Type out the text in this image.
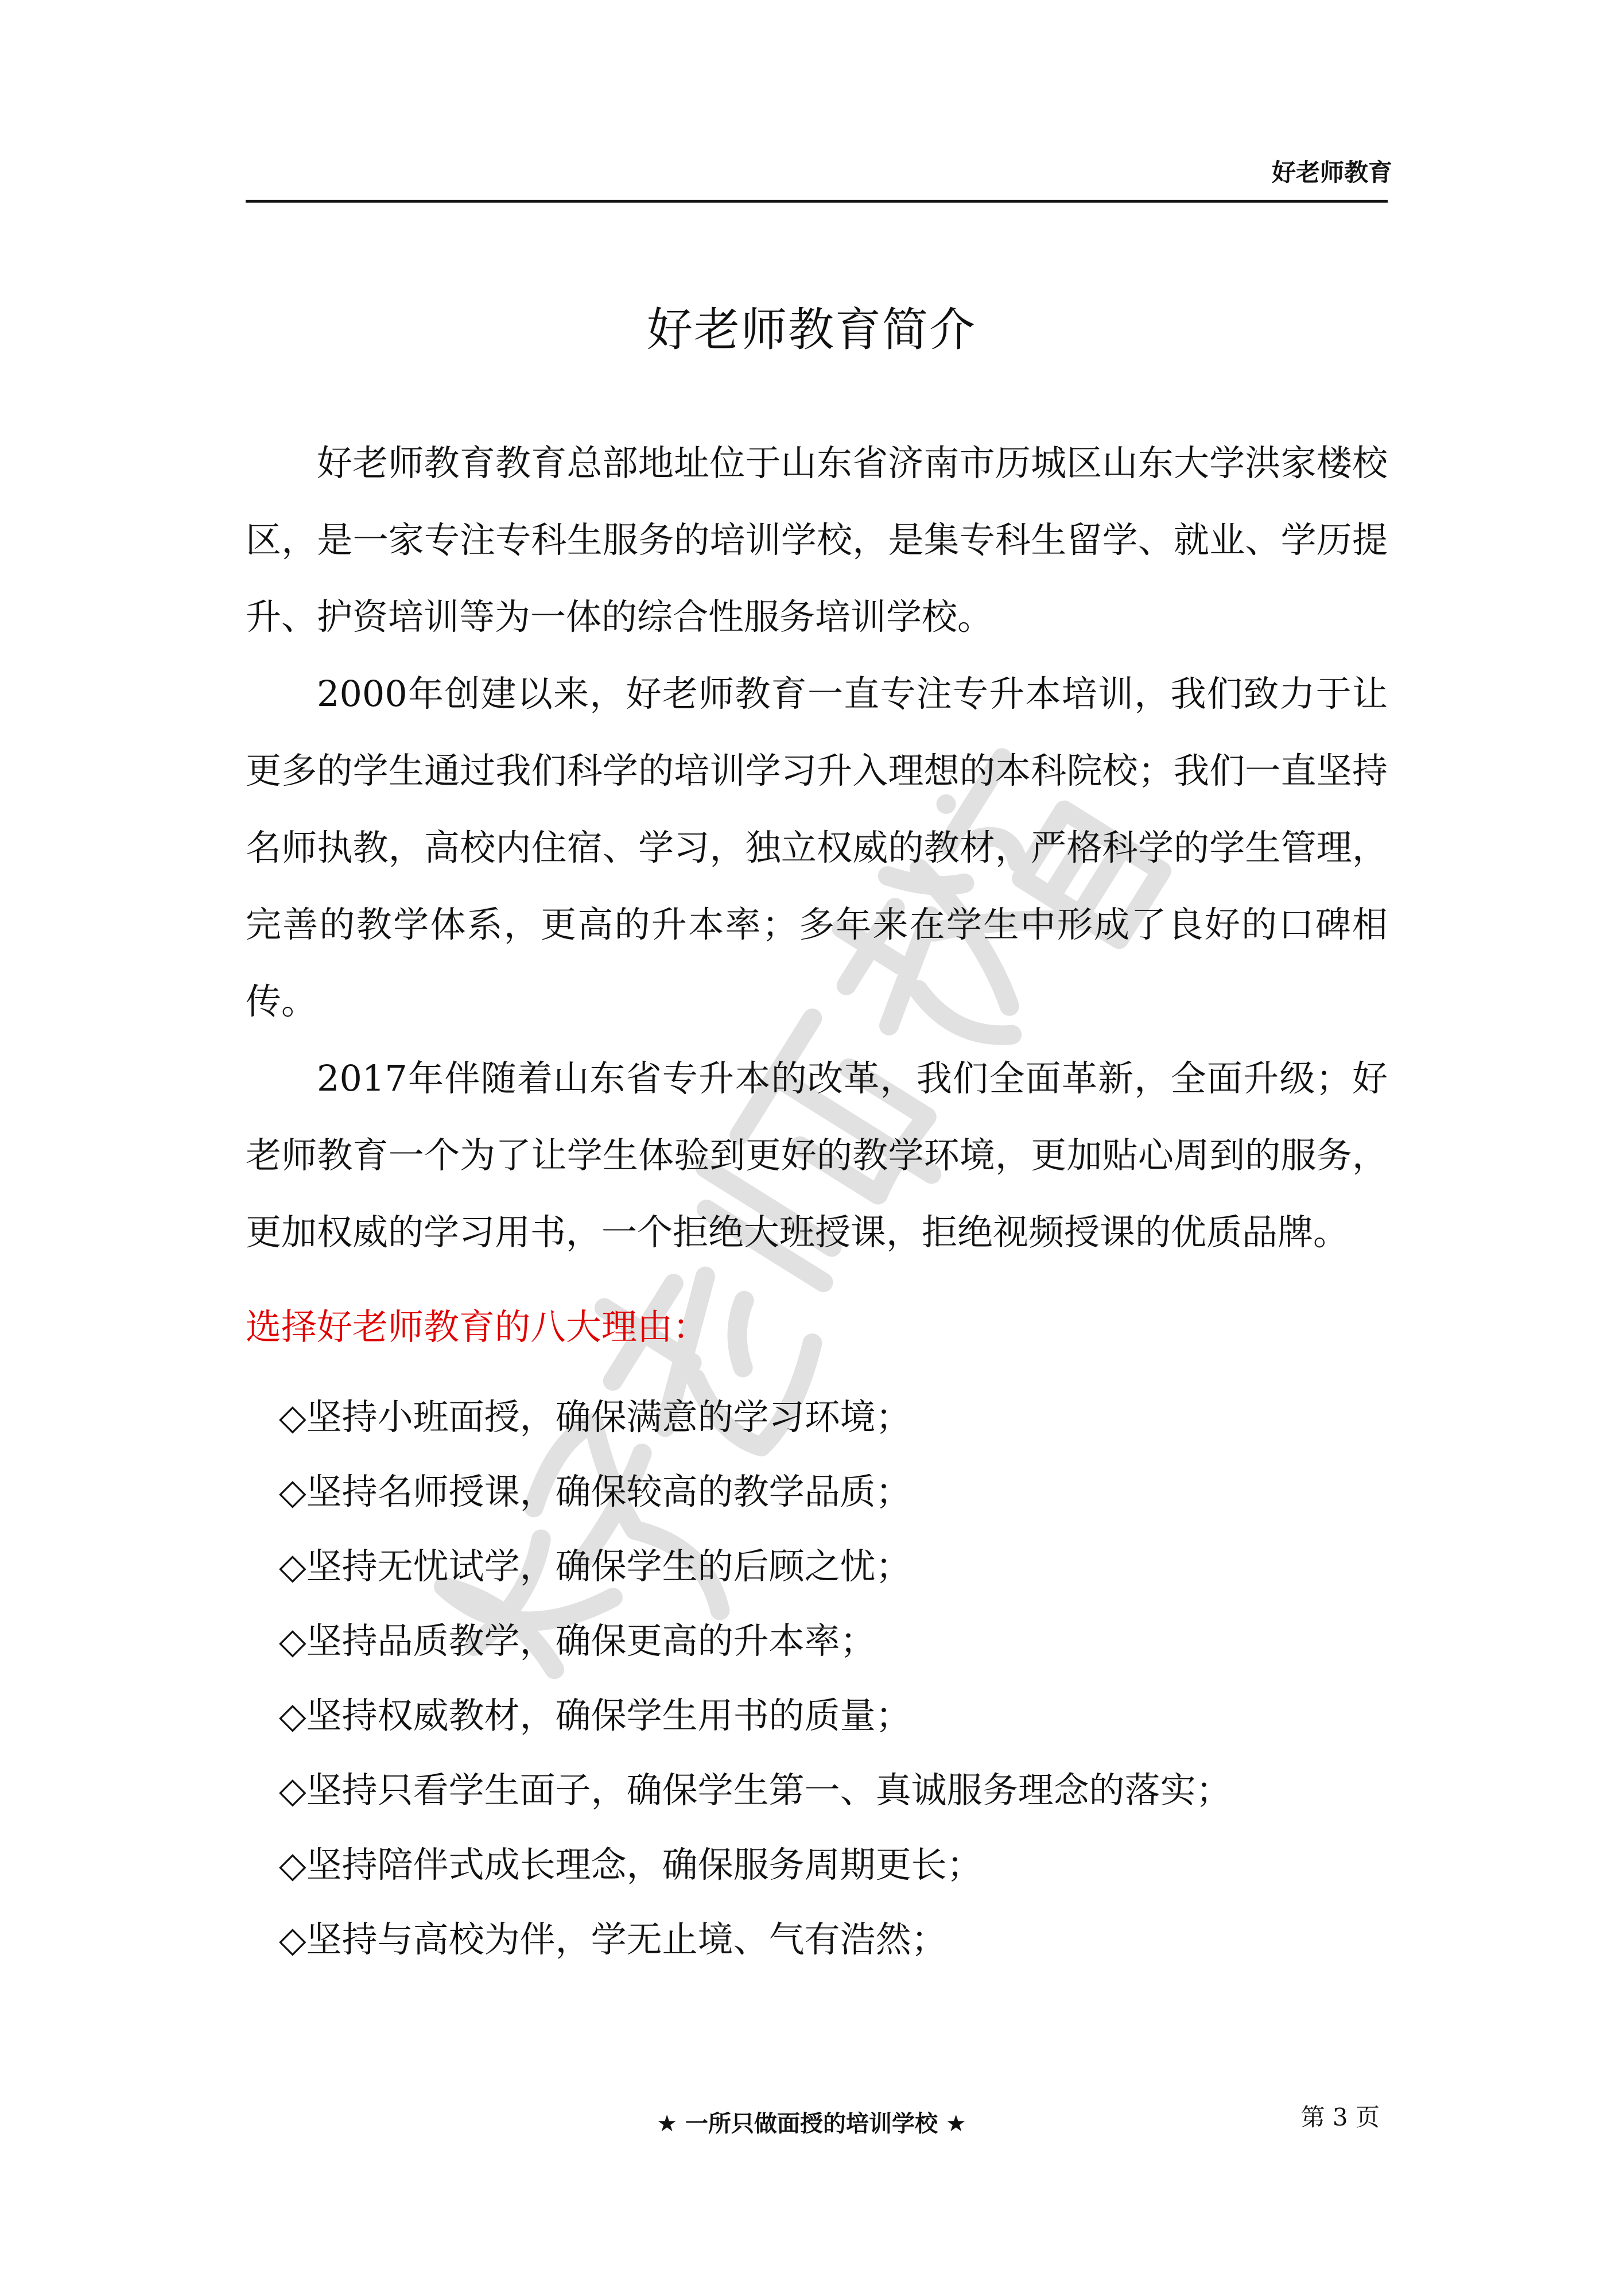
好老师教育
好老师教育简介

好老师教育教育总部地址位于山东省济南市历城区山东大学洪家楼校区，是一家专注专科生服务的培训学校，是集专科生留学、就业、学历提升、护资培训等为一体的综合性服务培训学校。

2000年创建以来，好老师教育一直专注专升本培训，我们致力于让更多的学生通过我们科学的培训学习升入理想的本科院校；我们一直坚持名师执教，高校内住宿、学习，独立权威的教材，严格科学的学生管理，完善的教学体系，更高的升本率；多年来在学生中形成了良好的口碑相传。

2017年伴随着山东省专升本的改革，我们全面革新，全面升级；好老师教育一个为了让学生体验到更好的教学环境，更加贴心周到的服务，更加权威的学习用书，一个拒绝大班授课，拒绝视频授课的优质品牌。

选择好老师教育的八大理由：
◇坚持小班面授，确保满意的学习环境；
◇坚持名师授课，确保较高的教学品质；
◇坚持无忧试学，确保学生的后顾之忧；
◇坚持品质教学，确保更高的升本率；
◇坚持权威教材，确保学生用书的质量；
◇坚持只看学生面子，确保学生第一、真诚服务理念的落实；
◇坚持陪伴式成长理念，确保服务周期更长；
◇坚持与高校为伴，学无止境、气有浩然；
★ 一所只做面授的培训学校 ★	第 3 页
